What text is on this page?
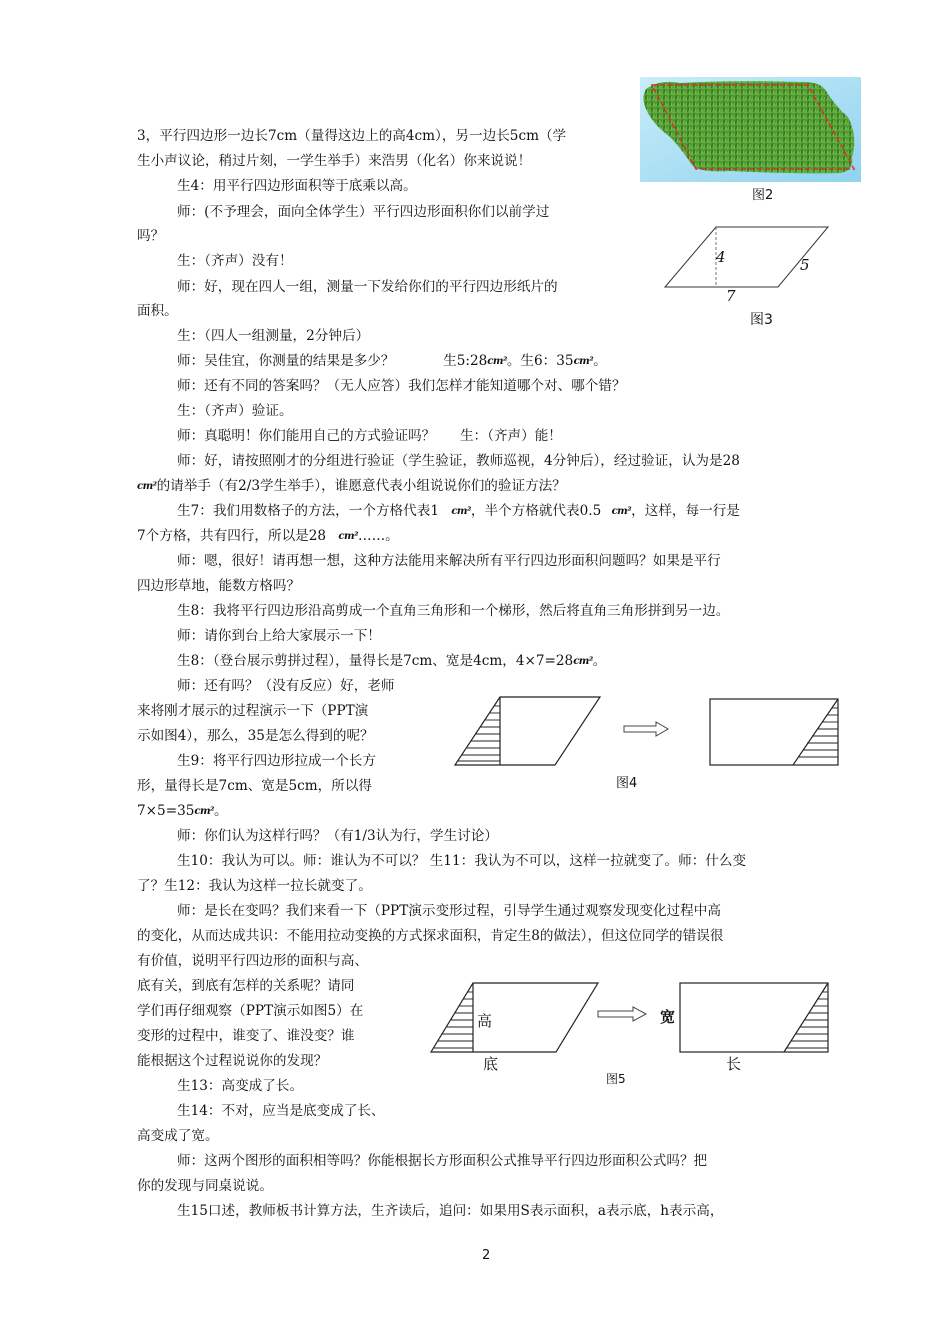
3，平行四边形一边长7cm（量得这边上的高4cm），另一边长5cm（学
生小声议论，稍过片刻，一学生举手）来浩男（化名）你来说说！
生4：用平行四边形面积等于底乘以高。
师：(不予理会，面向全体学生）平行四边形面积你们以前学过
吗？
生：（齐声）没有！
师：好，现在四人一组，测量一下发给你们的平行四边形纸片的
面积。
生：（四人一组测量，2分钟后）
师：吴佳宜，你测量的结果是多少？	生5:28cm²。生6：35cm²。
师：还有不同的答案吗？（无人应答）我们怎样才能知道哪个对、哪个错？
生：（齐声）验证。
师：真聪明！你们能用自己的方式验证吗？ 生：（齐声）能！
师：好，请按照刚才的分组进行验证（学生验证，教师巡视，4分钟后），经过验证，认为是28
cm²的请举手（有2/3学生举手），谁愿意代表小组说说你们的验证方法？
生7：我们用数格子的方法，一个方格代表1 cm²，半个方格就代表0.5 cm²，这样，每一行是
7个方格，共有四行，所以是28 cm²……。
师：嗯，很好！请再想一想，这种方法能用来解决所有平行四边形面积问题吗？如果是平行
四边形草地，能数方格吗？
生8：我将平行四边形沿高剪成一个直角三角形和一个梯形，然后将直角三角形拼到另一边。
师：请你到台上给大家展示一下！
生8：（登台展示剪拼过程），量得长是7cm、宽是4cm，4×7=28cm²。
师：还有吗？（没有反应）好，老师
来将刚才展示的过程演示一下（PPT演
示如图4），那么，35是怎么得到的呢？
生9：将平行四边形拉成一个长方
形，量得长是7cm、宽是5cm，所以得
7×5=35cm²。
师：你们认为这样行吗？（有1/3认为行，学生讨论）
生10：我认为可以。师：谁认为不可以？ 生11：我认为不可以，这样一拉就变了。师：什么变
了？生12：我认为这样一拉长就变了。
师：是长在变吗？我们来看一下（PPT演示变形过程，引导学生通过观察发现变化过程中高
的变化，从而达成共识：不能用拉动变换的方式探求面积，肯定生8的做法），但这位同学的错误很
有价值，说明平行四边形的面积与高、
底有关，到底有怎样的关系呢？请同
学们再仔细观察（PPT演示如图5）在
变形的过程中，谁变了、谁没变？谁
能根据这个过程说说你的发现？
生13：高变成了长。
生14：不对，应当是底变成了长、
高变成了宽。
师：这两个图形的面积相等吗？你能根据长方形面积公式推导平行四边形面积公式吗？把
你的发现与同桌说说。
生15口述，教师板书计算方法，生齐读后，追问：如果用S表示面积，a表示底，h表示高，
图2
4	5
7
图3
图4
高
底
宽
长
图5
2
